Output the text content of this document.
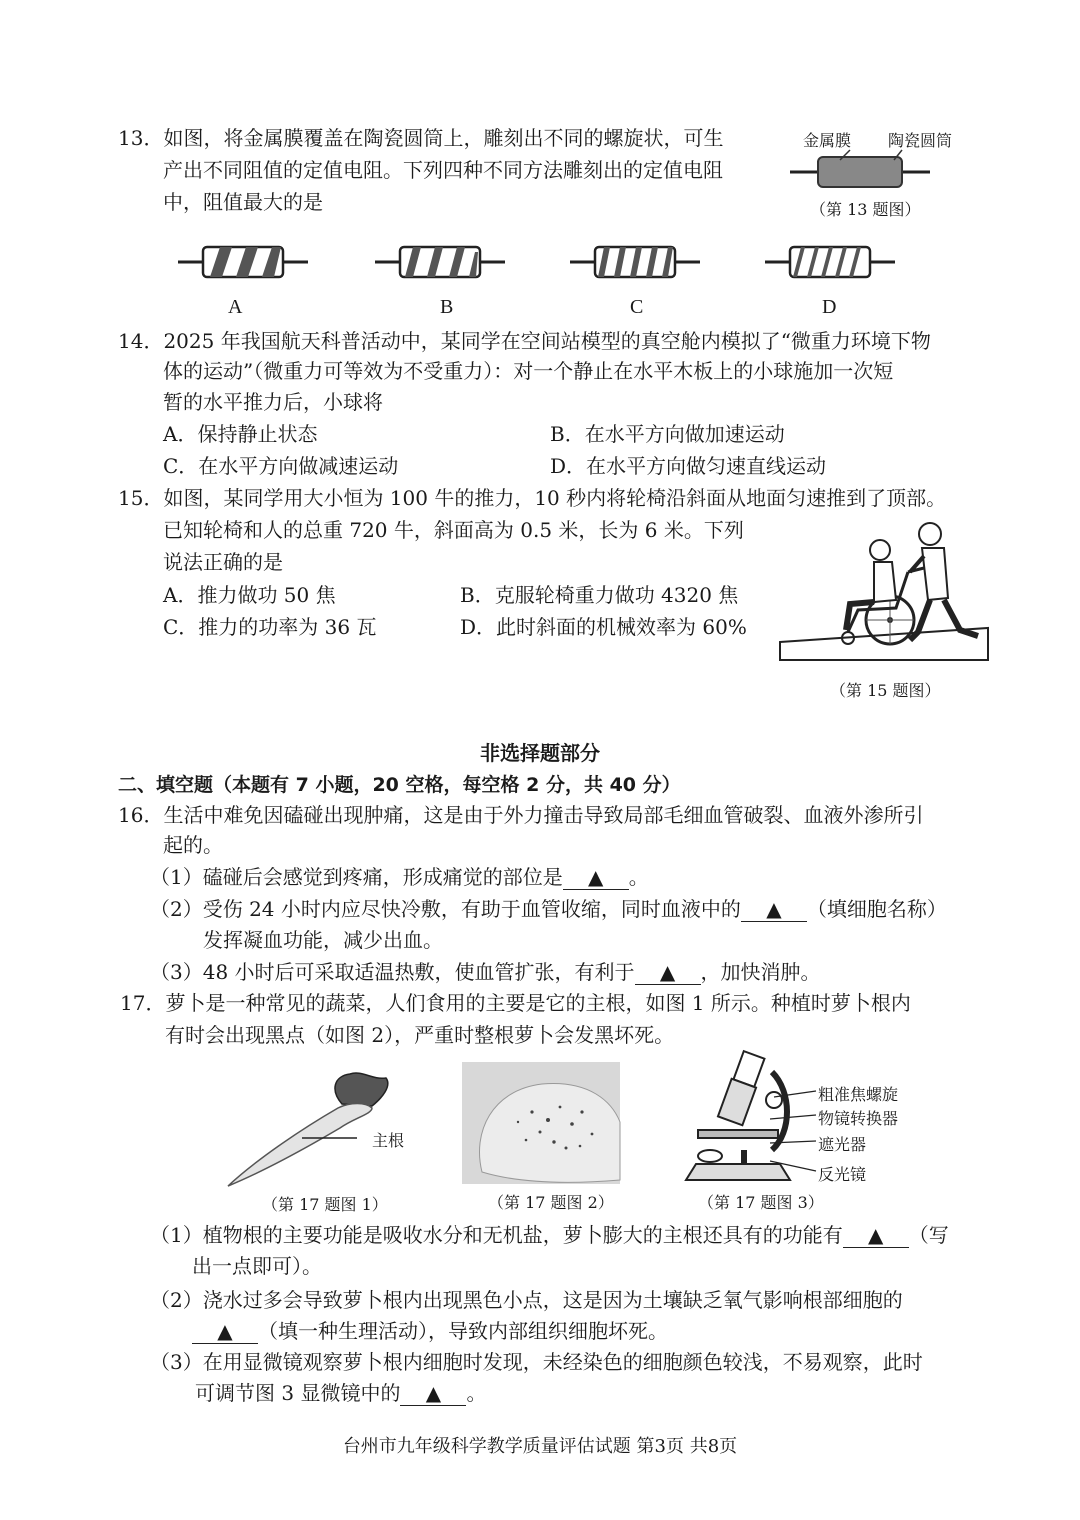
13．如图，将金属膜覆盖在陶瓷圆筒上，雕刻出不同的螺旋状，可生
产出不同阻值的定值电阻。下列四种不同方法雕刻出的定值电阻
中，阻值最大的是
金属膜 陶瓷圆筒
（第 13 题图）
A	B	C	D
14．2025 年我国航天科普活动中，某同学在空间站模型的真空舱内模拟了“微重力环境下物
体的运动”（微重力可等效为不受重力）：对一个静止在水平木板上的小球施加一次短
暂的水平推力后，小球将
A．保持静止状态	B．在水平方向做加速运动
C．在水平方向做减速运动	D．在水平方向做匀速直线运动
15．如图，某同学用大小恒为 100 牛的推力，10 秒内将轮椅沿斜面从地面匀速推到了顶部。
已知轮椅和人的总重 720 牛，斜面高为 0.5 米，长为 6 米。下列
说法正确的是
A．推力做功 50 焦	B．克服轮椅重力做功 4320 焦
C．推力的功率为 36 瓦	D．此时斜面的机械效率为 60%
（第 15 题图）
非选择题部分
二、填空题（本题有 7 小题，20 空格，每空格 2 分，共 40 分）
16．生活中难免因磕碰出现肿痛，这是由于外力撞击导致局部毛细血管破裂、血液外渗所引
起的。
（1）磕碰后会感觉到疼痛，形成痛觉的部位是 ▲ 。
（2）受伤 24 小时内应尽快冷敷，有助于血管收缩，同时血液中的 ▲ （填细胞名称）
发挥凝血功能，减少出血。
（3）48 小时后可采取适温热敷，使血管扩张，有利于 ▲ ，加快消肿。
17．萝卜是一种常见的蔬菜，人们食用的主要是它的主根，如图 1 所示。种植时萝卜根内
有时会出现黑点（如图 2），严重时整根萝卜会发黑坏死。
主根
（第 17 题图 1）	（第 17 题图 2）
粗准焦螺旋
物镜转换器
遮光器
反光镜
（第 17 题图 3）
（1）植物根的主要功能是吸收水分和无机盐，萝卜膨大的主根还具有的功能有 ▲ （写
出一点即可）。
（2）浇水过多会导致萝卜根内出现黑色小点，这是因为土壤缺乏氧气影响根部细胞的
▲ （填一种生理活动），导致内部组织细胞坏死。
（3）在用显微镜观察萝卜根内细胞时发现，未经染色的细胞颜色较浅，不易观察，此时
可调节图 3 显微镜中的 ▲ 。
台州市九年级科学教学质量评估试题 第3页 共8页
